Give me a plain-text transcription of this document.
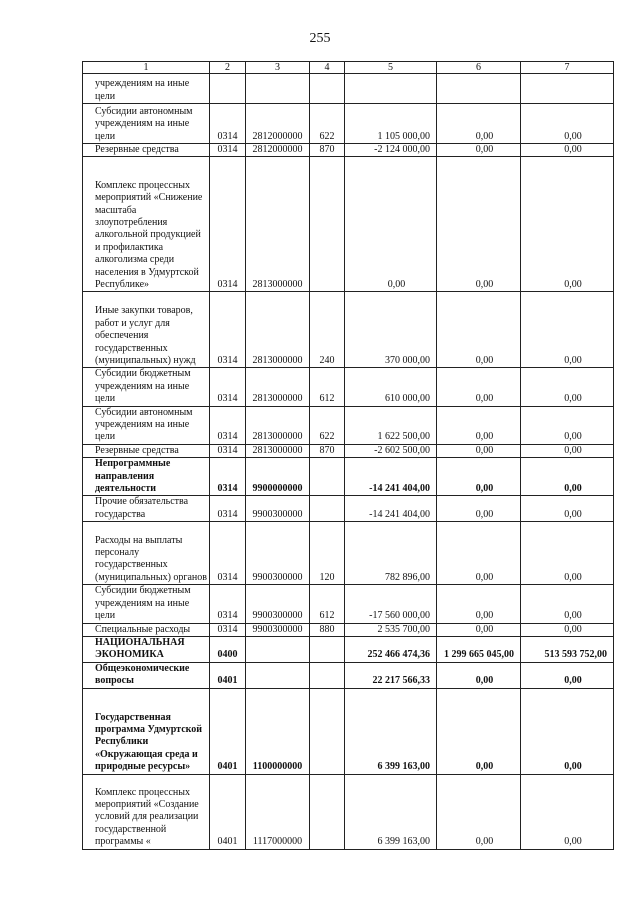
255
1	2	3	4	5	6	7
учреждениям на иные цели						
Субсидии автономным учреждениям на иные цели	0314	2812000000	622	1 105 000,00	0,00	0,00
Резервные средства	0314	2812000000	870	-2 124 000,00	0,00	0,00
Комплекс процессных мероприятий «Снижение масштаба злоупотребления алкогольной продукцией и профилактика алкоголизма среди населения в Удмуртской Республике»	0314	2813000000		0,00	0,00	0,00
Иные закупки товаров, работ и услуг для обеспечения государственных (муниципальных) нужд	0314	2813000000	240	370 000,00	0,00	0,00
Субсидии бюджетным учреждениям на иные цели	0314	2813000000	612	610 000,00	0,00	0,00
Субсидии автономным учреждениям на иные цели	0314	2813000000	622	1 622 500,00	0,00	0,00
Резервные средства	0314	2813000000	870	-2 602 500,00	0,00	0,00
Непрограммные направления деятельности	0314	9900000000		-14 241 404,00	0,00	0,00
Прочие обязательства государства	0314	9900300000		-14 241 404,00	0,00	0,00
Расходы на выплаты персоналу государственных (муниципальных) органов	0314	9900300000	120	782 896,00	0,00	0,00
Субсидии бюджетным учреждениям на иные цели	0314	9900300000	612	-17 560 000,00	0,00	0,00
Специальные расходы	0314	9900300000	880	2 535 700,00	0,00	0,00
НАЦИОНАЛЬНАЯ ЭКОНОМИКА	0400			252 466 474,36	1 299 665 045,00	513 593 752,00
Общеэкономические вопросы	0401			22 217 566,33	0,00	0,00
Государственная программа Удмуртской Республики «Окружающая среда и природные ресурсы»	0401	1100000000		6 399 163,00	0,00	0,00
Комплекс процессных мероприятий «Создание условий для реализации государственной программы «	0401	1117000000		6 399 163,00	0,00	0,00
